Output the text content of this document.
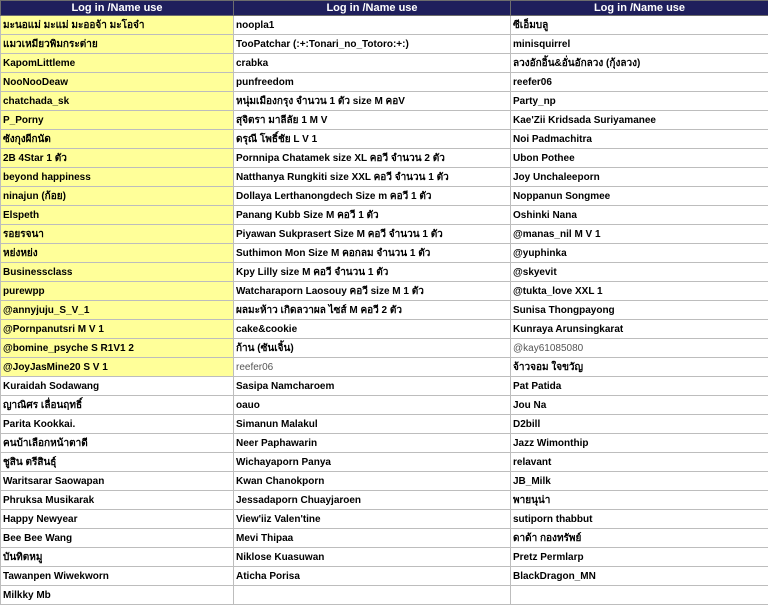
Log in /Name use	Log in /Name use	Log in /Name use
มะนอแม่ มะแม่ มะออจ้า มะโอจ๋า	noopla1	ซีเอ็มบลู
แมวเหมียวพิมกระต่าย	TooPatchar (:+:Tonari_no_Totoro:+:)	minisquirrel
KapomLittleme	crabka	ลวงอักอิ้น&อั่นอักลวง (กุ้งลวง)
NooNooDeaw	punfreedom	reefer06
chatchada_sk	หนุ่มเมืองกรุง จำนวน 1 ตัว size M คอV	Party_np
P_Porny	สุจิตรา มาลีลัย 1 M V	Kae'Zii Kridsada Suriyamanee
ซังกุงผีกนัด	ดรุณี โพธิ์ชัย L V 1	Noi Padmachitra
2B 4Star 1 ตัว	Pornnipa Chatamek size XL คอวี จำนวน 2 ตัว	Ubon Pothee
beyond happiness	Natthanya Rungkiti size XXL คอวี จำนวน 1 ตัว	Joy Unchaleeporn
ninajun (ก้อย)	Dollaya Lerthanongdech Size m คอวี 1 ตัว	Noppanun Songmee
Elspeth	Panang Kubb Size M คอวี 1 ตัว	Oshinki Nana
รอยรจนา	Piyawan Sukprasert Size M คอวี จำนวน 1 ตัว	@manas_nil M V 1
หย่งหย่ง	Suthimon Mon Size M คอกลม จำนวน 1 ตัว	@yuphinka
Businessclass	Kpy Lilly size M คอวี จำนวน 1 ตัว	@skyevit
purewpp	Watcharaporn Laosouy คอวี size M 1 ตัว	@tukta_love XXL 1
@annyjuju_S_V_1	ผลมะห้าว เกิดลวาผล ไซส์ M คอวี 2 ตัว	Sunisa Thongpayong
@Pornpanutsri M V 1	cake&cookie	Kunraya Arunsingkarat
@bomine_psyche S R1V1 2	ก้าน (ซันเจิ้น)	@kay61085080
@JoyJasMine20 S V 1	reefer06	จ้าวจอม ใจขวัญ
Kuraidah Sodawang	Sasipa Namcharoem	Pat Patida
ญาณิศร เลื่อนฤทธิ์	oauo	Jou Na
Parita Kookkai.	Simanun Malakul	D2bill
คนบ้าเลือกหน้าตาดี	Neer Paphawarin	Jazz Wimonthip
ชูสิน ตรีสินธุ์	Wichayaporn Panya	relavant
Waritsarar Saowapan	Kwan Chanokporn	JB_Milk
Phruksa Musikarak	Jessadaporn Chuayjaroen	พายนุน่า
Happy Newyear	View'iiz Valen'tine	sutiporn thabbut
Bee Bee Wang	Mevi Thipaa	ดาด้า กองทรัพย์
บันทิตหมู	Niklose Kuasuwan	Pretz Permlarp
Tawanpen Wiwekworn	Aticha Porisa	BlackDragon_MN
Milkky Mb		
